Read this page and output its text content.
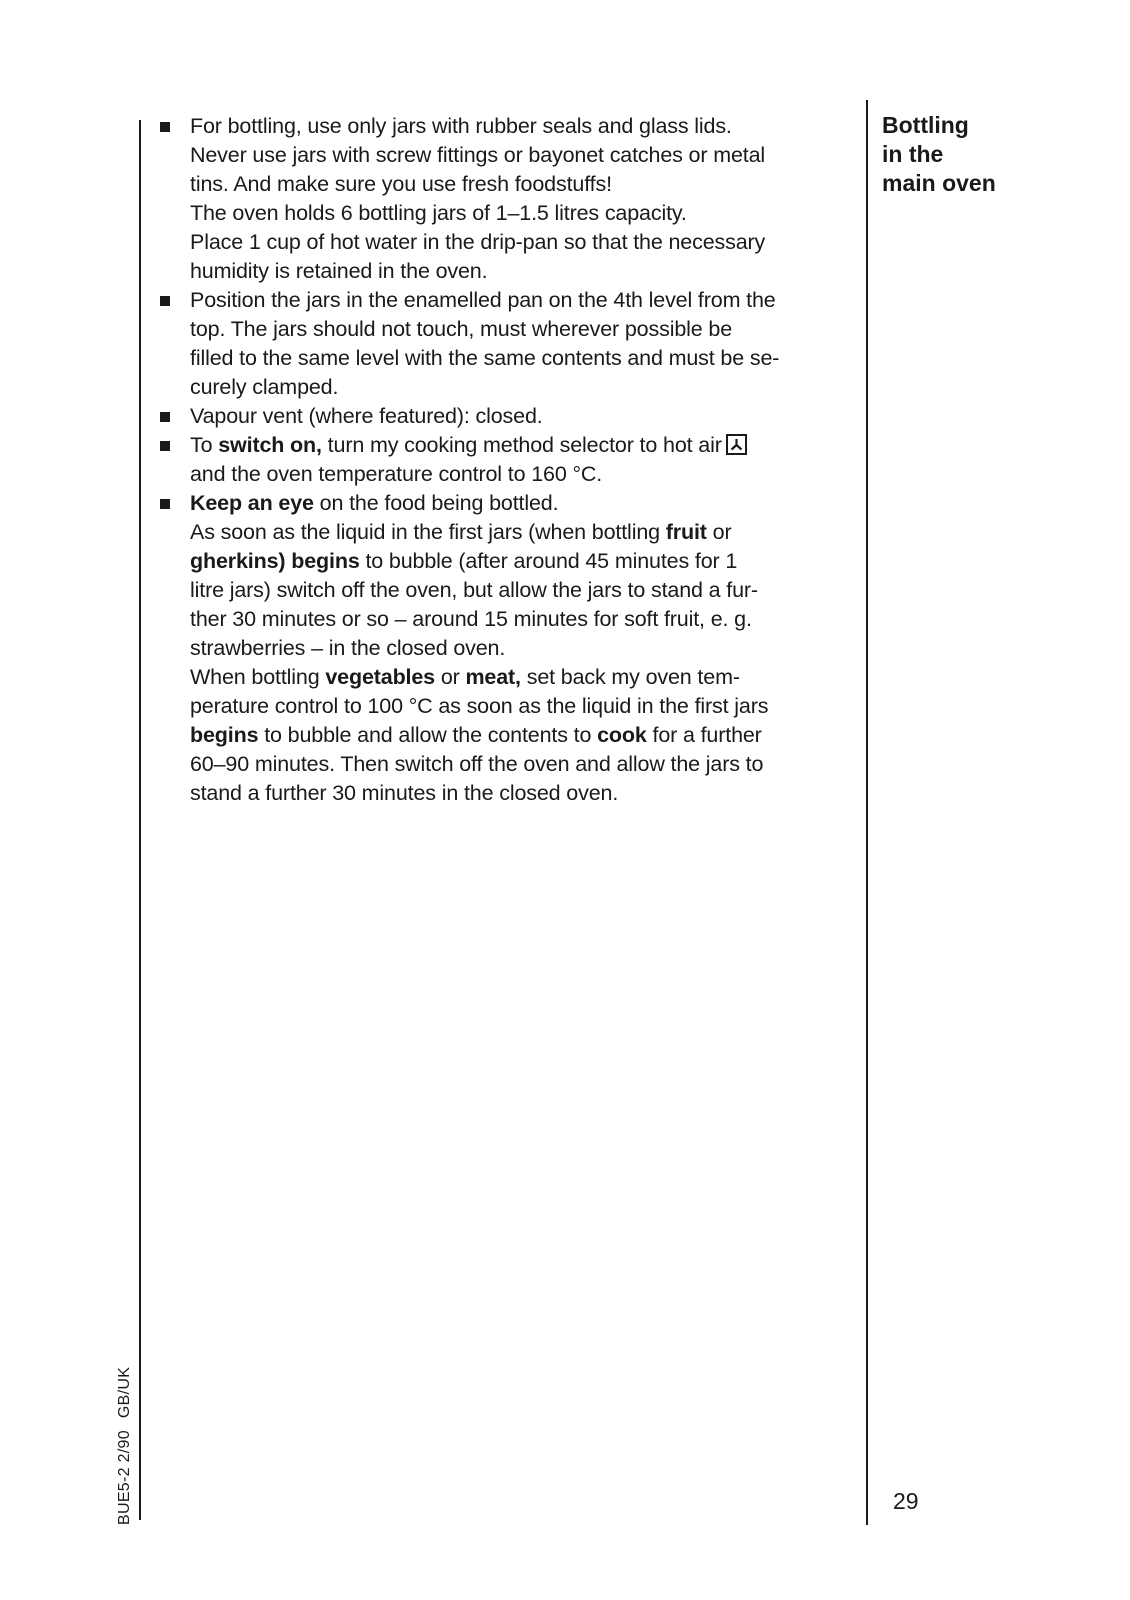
For bottling, use only jars with rubber seals and glass lids.
Never use jars with screw fittings or bayonet catches or metal
tins. And make sure you use fresh foodstuffs!
The oven holds 6 bottling jars of 1–1.5 litres capacity.
Place 1 cup of hot water in the drip-pan so that the necessary
humidity is retained in the oven.
Position the jars in the enamelled pan on the 4th level from the
top. The jars should not touch, must wherever possible be
filled to the same level with the same contents and must be se-
curely clamped.
Vapour vent (where featured): closed.
To switch on, turn my cooking method selector to hot air
and the oven temperature control to 160 °C.
Keep an eye on the food being bottled.
As soon as the liquid in the first jars (when bottling fruit or
gherkins) begins to bubble (after around 45 minutes for 1
litre jars) switch off the oven, but allow the jars to stand a fur-
ther 30 minutes or so – around 15 minutes for soft fruit, e. g.
strawberries – in the closed oven.
When bottling vegetables or meat, set back my oven tem-
perature control to 100 °C as soon as the liquid in the first jars
begins to bubble and allow the contents to cook for a further
60–90 minutes. Then switch off the oven and allow the jars to
stand a further 30 minutes in the closed oven.
Bottling
in the
main oven
29
BUE5-2 2/90GB/UK
